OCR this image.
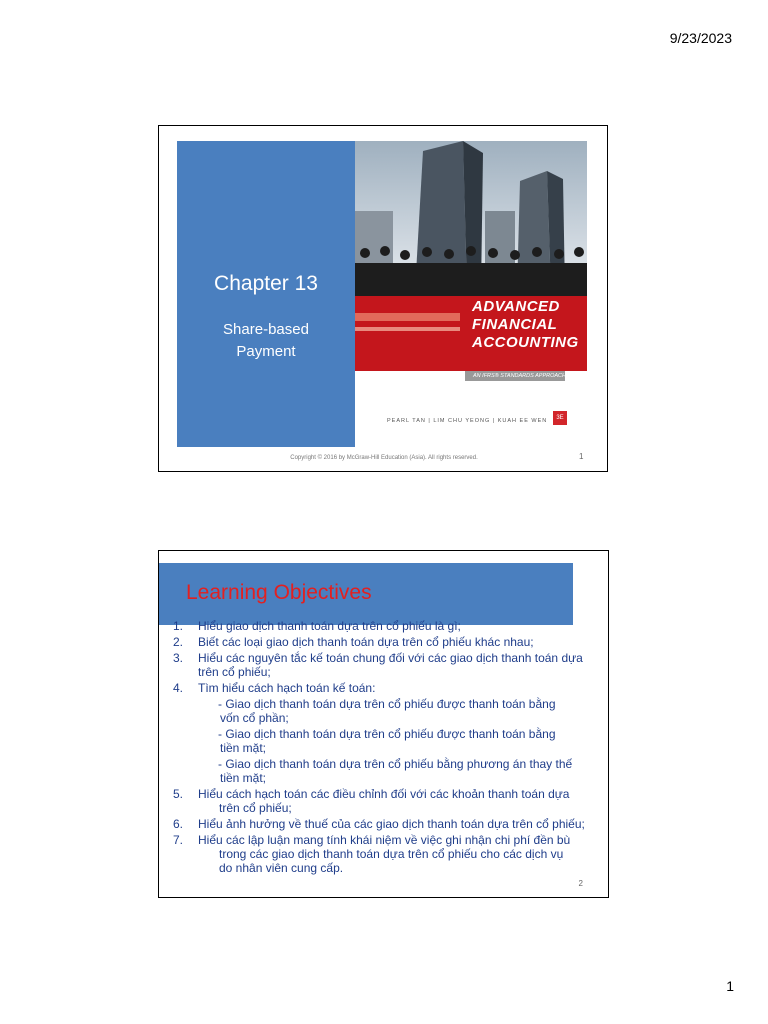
9/23/2023
Chapter 13
Share-based
Payment
ADVANCED
FINANCIAL
ACCOUNTING
AN IFRS® STANDARDS APPROACH
PEARL TAN | LIM CHU YEONG | KUAH EE WEN	3E
Copyright © 2016 by McGraw-Hill Education (Asia). All rights reserved.	1
Learning Objectives
1. Hiểu giao dịch thanh toán dựa trên cổ phiếu là gì;
2. Biết các loại giao dịch thanh toán dựa trên cổ phiếu khác nhau;
3. Hiểu các nguyên tắc kế toán chung đối với các giao dịch thanh toán dựa
trên cổ phiếu;
4. Tìm hiểu cách hạch toán kế toán:
- Giao dịch thanh toán dựa trên cổ phiếu được thanh toán bằng
vốn cổ phần;
- Giao dịch thanh toán dựa trên cổ phiếu được thanh toán bằng
tiền mặt;
- Giao dịch thanh toán dựa trên cổ phiếu bằng phương án thay thế
tiền mặt;
5. Hiểu cách hạch toán các điều chỉnh đối với các khoản thanh toán dựa
trên cổ phiếu;
6. Hiểu ảnh hưởng về thuế của các giao dịch thanh toán dựa trên cổ phiếu;
7. Hiểu các lập luận mang tính khái niệm về việc ghi nhận chi phí đền bù
trong các giao dịch thanh toán dựa trên cổ phiếu cho các dịch vụ do nhân viên cung cấp.
2
1
